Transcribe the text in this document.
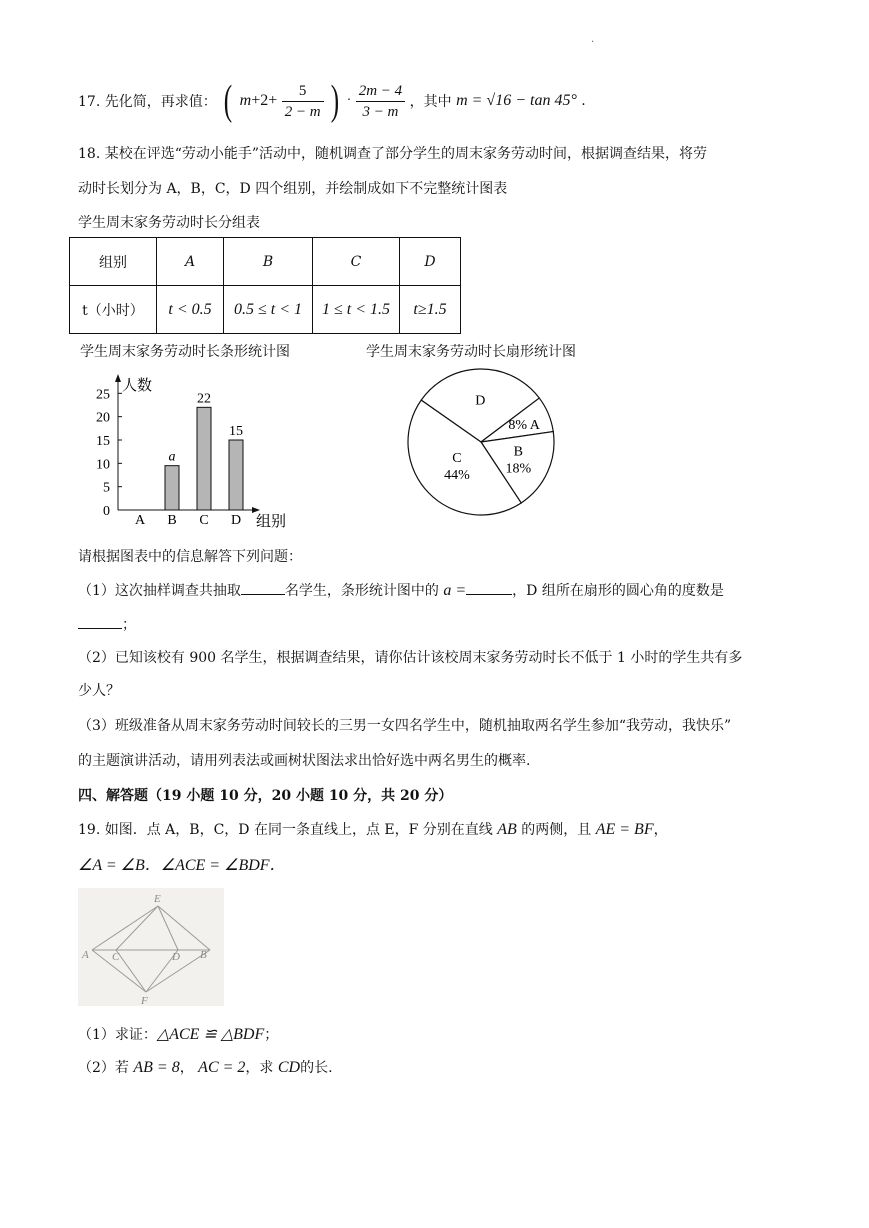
.
17. 先化简，再求值： ( $m+2+ \frac{5}{2 - m}$ ) · $\frac{2m - 4}{3 - m}$ ，其中 m = √16 − tan 45° .
18. 某校在评选“劳动小能手”活动中，随机调查了部分学生的周末家务劳动时间，根据调查结果，将劳
动时长划分为 A，B，C，D 四个组别，并绘制成如下不完整统计图表
学生周末家务劳动时长分组表
组别	A	B	C	D
t（小时）	t < 0.5	0.5 ≤ t < 1	1 ≤ t < 1.5	t≥1.5
学生周末家务劳动时长条形统计图	学生周末家务劳动时长扇形统计图
人数
组别
0
5
10
15
20
25
A B
a
C
22
D
15
D
8% A
B
18%
C
44%
请根据图表中的信息解答下列问题：
（1）这次抽样调查共抽取	名学生，条形统计图中的 a =	，D 组所在扇形的圆心角的度数是
；
（2）已知该校有 900 名学生，根据调查结果，请你估计该校周末家务劳动时长不低于 1 小时的学生共有多
少人？
（3）班级准备从周末家务劳动时间较长的三男一女四名学生中，随机抽取两名学生参加“我劳动，我快乐”
的主题演讲活动，请用列表法或画树状图法求出恰好选中两名男生的概率.
四、解答题（19 小题 10 分，20 小题 10 分，共 20 分）
19. 如图．点 A，B，C，D 在同一条直线上，点 E，F 分别在直线 AB 的两侧，且 AE = BF，
∠A = ∠B．∠ACE = ∠BDF．
E
A C	D B
F
（1）求证：△ACE ≌ △BDF；
（2）若 AB = 8， AC = 2，求 CD的长.
